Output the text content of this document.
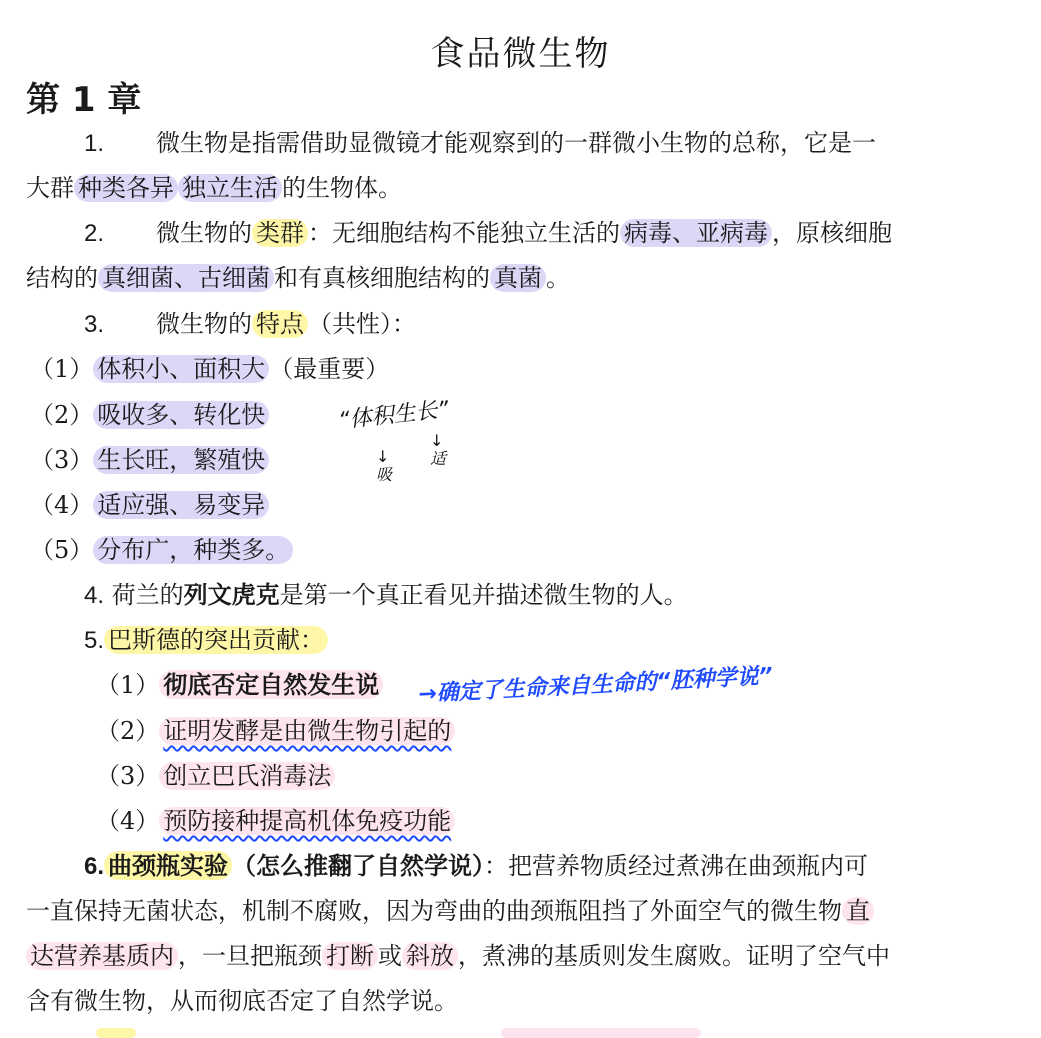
食品微生物
第 1 章
1. 微生物是指需借助显微镜才能观察到的一群微小生物的总称，它是一
大群 种类各异 独立生活 的生物体。
2. 微生物的 类群 ：无细胞结构不能独立生活的 病毒、亚病毒 ，原核细胞
结构的 真细菌、古细菌 和有真核细胞结构的 真菌 。
3. 微生物的 特点 （共性）：
（1） 体积小、面积大 （最重要）
（2） 吸收多、转化快
（3） 生长旺，繁殖快
（4） 适应强、易变异
（5） 分布广，种类多。
“体积生长”
↓ 吸
↓ 适
4. 荷兰的列文虎克是第一个真正看见并描述微生物的人。
5. 巴斯德的突出贡献：
（1） 彻底否定自然发生说 →确定了生命来自生命的“胚种学说”
（2） 证明发酵是由微生物引起的
（3） 创立巴氏消毒法
（4） 预防接种提高机体免疫功能
6. 曲颈瓶实验 （怎么推翻了自然学说）：把营养物质经过煮沸在曲颈瓶内可
一直保持无菌状态，机制不腐败，因为弯曲的曲颈瓶阻挡了外面空气的微生物 直
达营养基质内 ，一旦把瓶颈 打断 或 斜放 ，煮沸的基质则发生腐败。证明了空气中
含有微生物，从而彻底否定了自然学说。
